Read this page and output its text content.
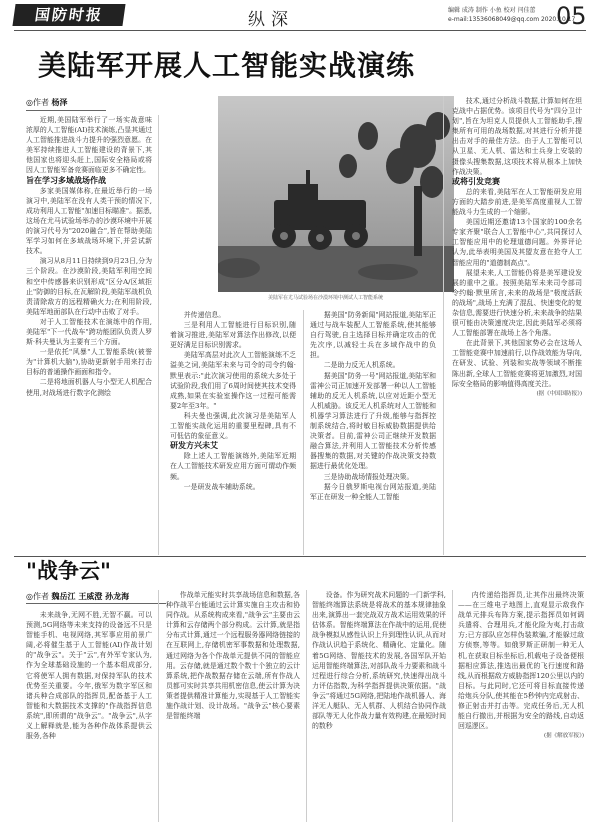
国防时报	纵深	编辑 成涛 制作 小鱼 校对 闫佳蕾
e-mail:13536068049@qq.com 2020.10.17
05
美陆军开展人工智能实战演练
◎作者 杨泽

近期,美国陆军举行了一场实战意味浓厚的人工智能(AI)技术演练,凸显其通过人工智能推进战斗力提升的强烈意愿。在美军持续推进人工智能建设的背景下,其他国家也将迎头赶上,国际安全格局或将因人工智能军备竞赛面临更多不确定性。

旨在学习多域战场作战

多家美国媒体称,在最近举行的一场演习中,美陆军在没有人类干预的情况下,成功利用人工智能"加速目标瞄准"。据悉,这场在尤马试验场举办的沙漠环境中开展的演习代号为"2020融合",旨在帮助美陆军学习如何在多域战场环境下,并尝试新技术。

演习从8月11日持续到9月23日,分为三个阶段。在沙漠阶段,美陆军利用空间和空中传感器来识别形成"区分A/区域拒止"防御的目标,在瓦解阶段,美陆军战机负责清除敌方的远程精确火力;在利用阶段,美陆军地面部队在行动中击败了对手。

对于人工智能技术在演练中的作用,美陆军"下一代战车"跨功能团队负责人罗斯·科夫曼认为主要有三个方面。

一是依托"风暴"人工智能系统(被誉为"计算机大脑"),协助更新射手用来打击目标的普通操作画面和指令。

二是将地面机器人与小型无人机配合使用,对战场进行数字化测绘

美陆军在尤马试验场在沙漠环境中测试人工智能系统

并传递信息。

三是利用人工智能进行目标识别,随着演习推进,美陆军对算法作出修改,以便更好满足目标识别需求。

美陆军高层对此次人工智能演练不乏溢美之词,美陆军未来与司令的司令约翰·默里表示:"此次演习使用的系统大多处于试验阶段,我们用了6周时间使其技术变得成熟,如果在实验室操作这一过程可能需要2年至3年。"

科夫曼也强调,此次演习是美陆军人工智能实战化运用的重要里程碑,具有不可低估的象征意义。

研发方兴未艾

除上述人工智能演练外,美陆军近期在人工智能技术研发应用方面可谓动作频频。

一是研发战车辅助系统。

据美国"防务新闻"网站报道,美陆军正通过与战车装配人工智能系统,使其能够自行驾驶,自主选择目标并确定攻击的优先次序,以减轻士兵在多域作战中的负担。

二是助力反无人机系统。

据美国"防务一号"网站报道,美陆军和雷神公司正加速开发部署一种以人工智能辅助的反无人机系统,以应对近距小型无人机威胁。该反无人机系统对人工智能和机器学习算法进行了升级,能够与指挥控制系统结合,将时敏目标威胁数据提供给决策者。目前,雷神公司正继续开发数据融合算法,并利用人工智能技术分析传感器搜集的数据,对关键的作战决策支持数据进行最优化处理。

三是协助战场情报处理决策。

据今日俄罗斯电视台网站报道,美陆军正在研发一种全能人工智能

技术,通过分析战斗数据,计算如何在坦克战中占据优势。该项目代号为"四分卫计划",旨在为坦克人员提供人工智能助手,搜集所有可用的战场数据,对其进行分析并提出击对手的最佳方法。由于人工智能可以从卫星、无人机、雷达和士兵身上安装的摄像头搜集数据,这项技术将从根本上加快作战决策。

或将引发竞赛

总的来看,美陆军在人工智能研发应用方面的大踏步前进,是美军高度重视人工智能战斗力生成的一个缩影。

美国近期还邀请13个国家的100余名专家齐聚"联合人工智能中心",共同探讨人工智能应用中的伦理道德问题。外界评论认为,此举表明美国及其盟友意在抢夺人工智能应用的"道德制高点"。

展望未来,人工智能仍将是美军建设发展的重中之重。按照美陆军未来司令部司令约翰·默里所言,未来的战场是"极度活跃的战场",战场上充满了混乱、快速变化的复杂信息,需要进行快速分析,未来战争的结果很可能由决策速度决定,因此美陆军必须将人工智能部署在战场上各个角落。

在此背景下,其他国家势必会在这场人工智能竞赛中加速前行,以作战效能为导向,在研发、试验、列装和实战等领域不断推陈出新,全球人工智能竞赛将更加激烈,对国际安全格局的影响值得高度关注。

(据《中国国防报》)

"战争云"
◎作者 魏岳江 王威澄 孙龙海

未来战争,无网不胜,无智不赢。可以预测,5G网络等未来支持的设备远不只是智能手机、电视网络,其军事应用前景广阔,必将催生基于人工智能(AI)作战计划的"战争云"。关于"云",有外军专家认为,作为全球基础设施的一个基本组成部分,它将使军人拥有数据,对保持军队的技术优势至关重要。今年,俄军为数字军区和诸兵种合成部队的指挥员,配备基于人工智能和大数据技术支撑的"作战指挥信息系统",即所谓的"战争云"。"战争云",从字义上解释就是,能为各种作战体系提供云服务,各种

作战单元能实时共享战场信息和数据,各种作战平台能通过云计算实施自主攻击和协同作战。从系统构成来看,"战争云"主要由云计算和云存储两个部分构成。云计算,就是指分布式计算,通过一个远程服务器网络链接的在互联网上,存储机密军事数据和处理数据,通过网络为各个作战单元提供不同的智能应用。云存储,就是通过数个数十个独立的云计算系统,把作战数据存储在云端,所有作战人员都可实时共享共用机密信息,使云计算为决策者提供精准计算能力,实现基于人工智能实施作战计划、设计战场。"战争云"核心要素是智能终端

设备。作为研究战术问题的一门新学科,智能终端算法系统是将战术的基本规律抽象出来,演算出一套完战双方战术运用效果的评估体系。智能终端算法在作战中的运用,促使战争模拟从感性认识上升到理性认识,从而对作战认识趋于系统化、精确化、定量化。随着5G网络、智能技术的发展,各国军队开始运用智能终端算法,对部队战斗力要素和战斗过程进行综合分析,系统研究,快速得出战斗力评估指数,为科学指挥提供决策依据。"战争云"将通过5G网络,把陆地作战机器人、海洋无人艇队、无人机群、人机结合协同作战部队等无人化作战力量有效构建,在最短时间的数秒

内传递给指挥员,让其作出最终决策——在三维电子地图上,直观显示敌我作战单元排兵布阵方案,提示指挥员如何调兵遣将、合理用兵,才能化险为夷,打击敌方;已方部队应怎样伪装欺骗,才能躲过敌方侦察,等等。如俄罗斯正研制一种无人机,在获取目标坐标后,机载电子设备便根据相应算法,推选出最优的飞行速度和路线,从而根据敌方威胁指挥120公里以内的目标。与此同时,它还可将目标直接传递给炮兵分队,使其能在5秒钟内完成射击、修正射击并打击等。完成任务后,无人机能自行撤出,并根据为安全的路线,自动返回巡逻区。

(据《解放军报》)
